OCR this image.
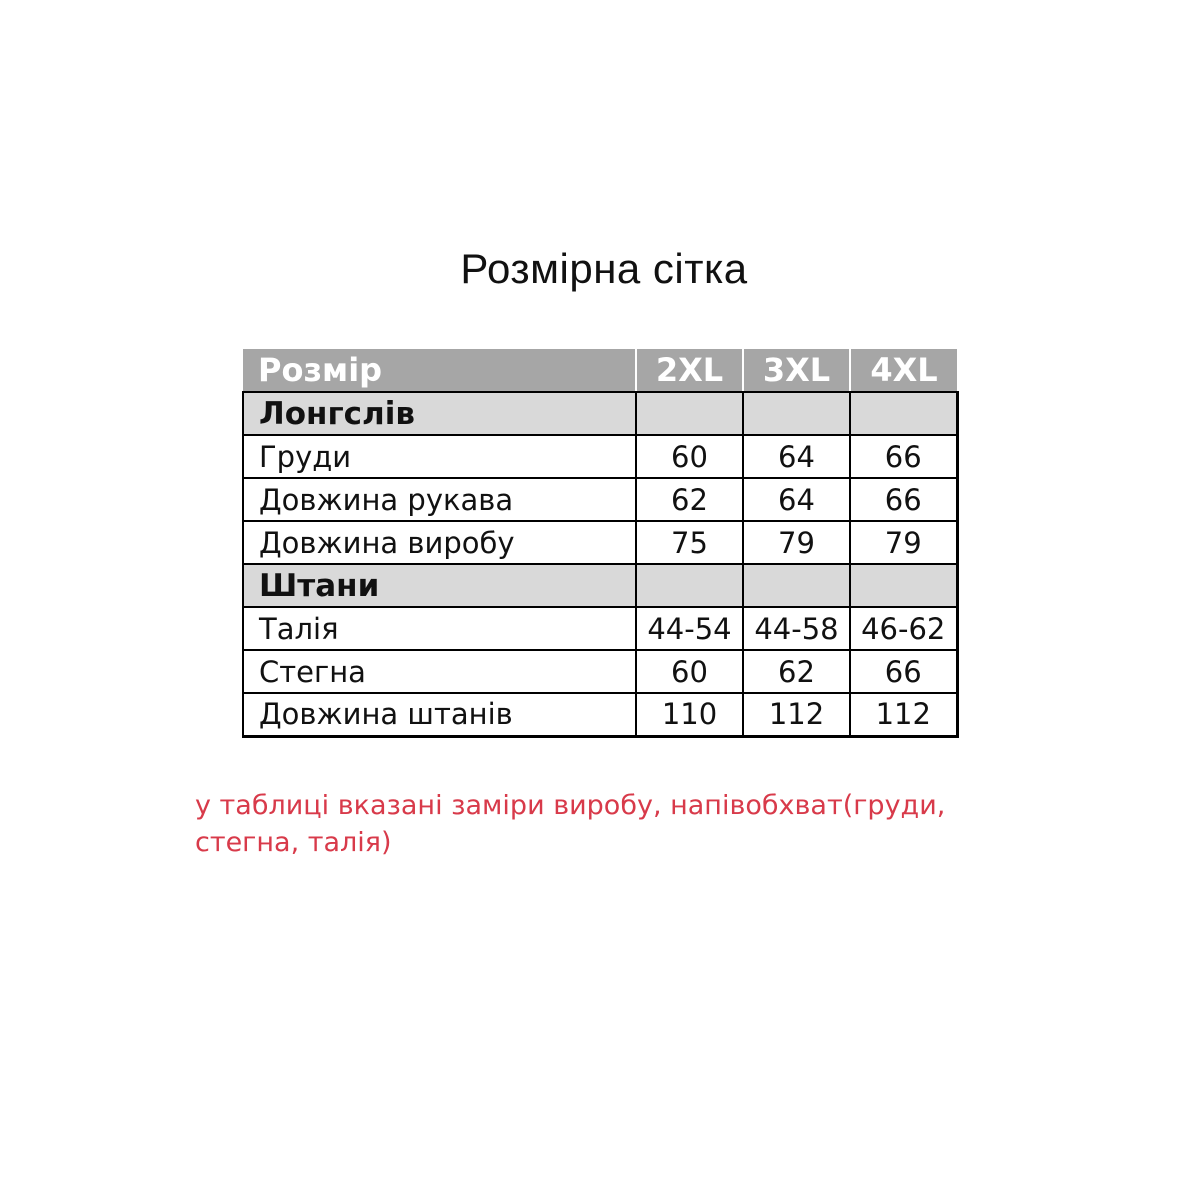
Розмірна сітка
Розмір	2XL	3XL	4XL
Лонгслів			
Груди	60	64	66
Довжина рукава	62	64	66
Довжина виробу	75	79	79
Штани			
Талія	44-54	44-58	46-62
Стегна	60	62	66
Довжина штанів	110	112	112
у таблиці вказані заміри виробу, напівобхват(груди, стегна, талія)
